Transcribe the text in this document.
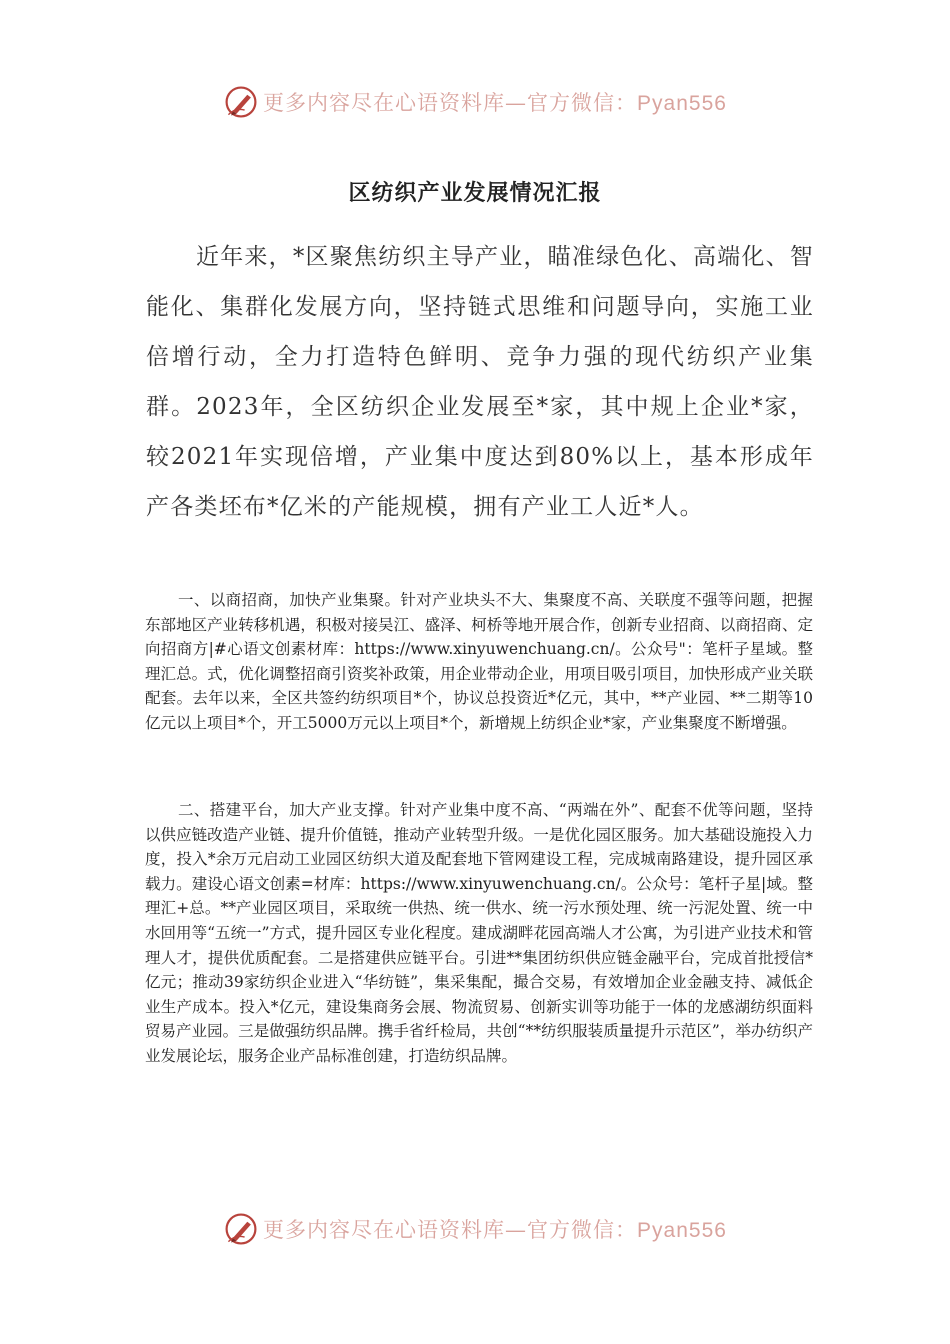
更多内容尽在心语资料库—官方微信：Pyan556
区纺织产业发展情况汇报

近年来，*区聚焦纺织主导产业，瞄准绿色化、高端化、智能化、集群化发展方向，坚持链式思维和问题导向，实施工业倍增行动，全力打造特色鲜明、竞争力强的现代纺织产业集群。2023年，全区纺织企业发展至*家，其中规上企业*家，较2021年实现倍增，产业集中度达到80%以上，基本形成年产各类坯布*亿米的产能规模，拥有产业工人近*人。

一、以商招商，加快产业集聚。针对产业块头不大、集聚度不高、关联度不强等问题，把握东部地区产业转移机遇，积极对接吴江、盛泽、柯桥等地开展合作，创新专业招商、以商招商、定向招商方|#心语文创素材库：https://www.xinyuwenchuang.cn/。公众号"：笔杆子星域。整理汇总。式，优化调整招商引资奖补政策，用企业带动企业，用项目吸引项目，加快形成产业关联配套。去年以来，全区共签约纺织项目*个，协议总投资近*亿元，其中，**产业园、**二期等10亿元以上项目*个，开工5000万元以上项目*个，新增规上纺织企业*家，产业集聚度不断增强。

二、搭建平台，加大产业支撑。针对产业集中度不高、“两端在外”、配套不优等问题，坚持以供应链改造产业链、提升价值链，推动产业转型升级。一是优化园区服务。加大基础设施投入力度，投入*余万元启动工业园区纺织大道及配套地下管网建设工程，完成城南路建设，提升园区承载力。建设心语文创素=材库：https://www.xinyuwenchuang.cn/。公众号：笔杆子星|域。整理汇+总。**产业园区项目，采取统一供热、统一供水、统一污水预处理、统一污泥处置、统一中水回用等“五统一”方式，提升园区专业化程度。建成湖畔花园高端人才公寓，为引进产业技术和管理人才，提供优质配套。二是搭建供应链平台。引进**集团纺织供应链金融平台，完成首批授信*亿元；推动39家纺织企业进入“华纺链”，集采集配，撮合交易，有效增加企业金融支持、减低企业生产成本。投入*亿元，建设集商务会展、物流贸易、创新实训等功能于一体的龙感湖纺织面料贸易产业园。三是做强纺织品牌。携手省纤检局，共创“**纺织服装质量提升示范区”，举办纺织产业发展论坛，服务企业产品标准创建，打造纺织品牌。

更多内容尽在心语资料库—官方微信：Pyan556
